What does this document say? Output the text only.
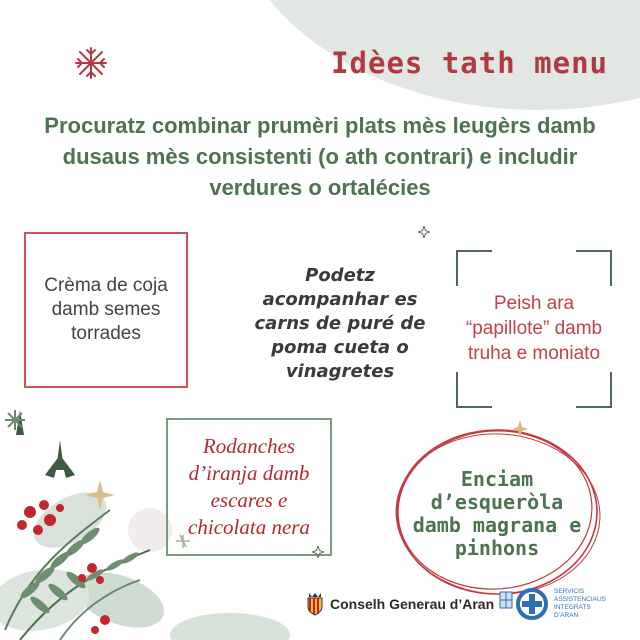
Idèes tath menu

Procuratz combinar prumèri plats mès leugèrs damb dusaus mès consistenti (o ath contrari) e includir verdures o ortalécies

Crèma de coja damb semes torrades
Podetz acompanhar es carns de puré de poma cueta o vinagretes
Peish ara “papillote” damb truha e moniato
Rodanches d’iranja damb escares e chicolata nera
Enciam d’esqueròla damb magrana e pinhons
Conselh Generau d’Aran
SERVICIS
ASSISTENCIAUS
INTEGRATS
D’ARAN
